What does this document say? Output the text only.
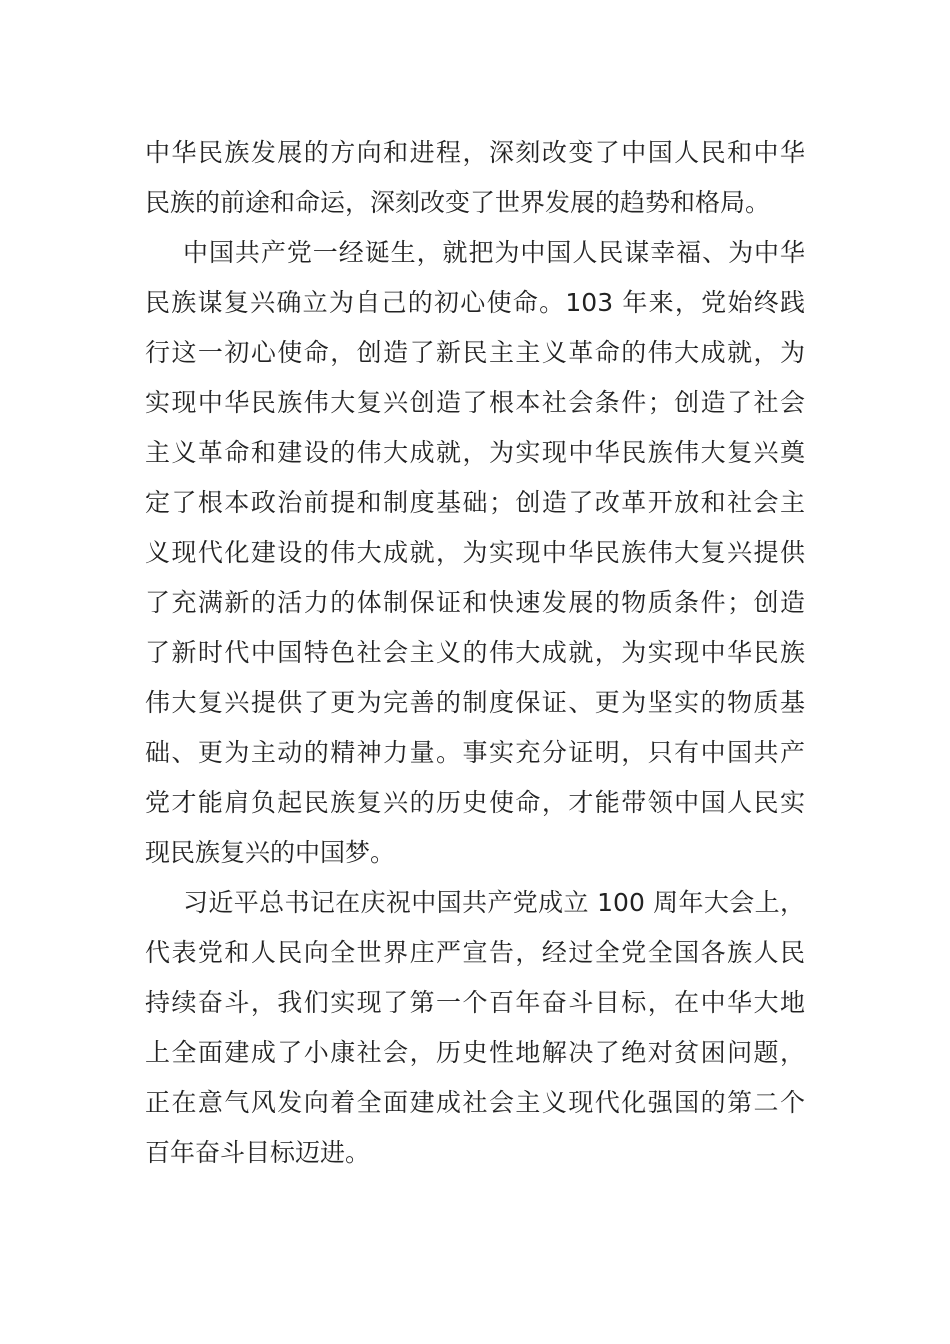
中华民族发展的方向和进程，深刻改变了中国人民和中华
民族的前途和命运，深刻改变了世界发展的趋势和格局。
中国共产党一经诞生，就把为中国人民谋幸福、为中华
民族谋复兴确立为自己的初心使命。103 年来，党始终践
行这一初心使命，创造了新民主主义革命的伟大成就，为
实现中华民族伟大复兴创造了根本社会条件；创造了社会
主义革命和建设的伟大成就，为实现中华民族伟大复兴奠
定了根本政治前提和制度基础；创造了改革开放和社会主
义现代化建设的伟大成就，为实现中华民族伟大复兴提供
了充满新的活力的体制保证和快速发展的物质条件；创造
了新时代中国特色社会主义的伟大成就，为实现中华民族
伟大复兴提供了更为完善的制度保证、更为坚实的物质基
础、更为主动的精神力量。事实充分证明，只有中国共产
党才能肩负起民族复兴的历史使命，才能带领中国人民实
现民族复兴的中国梦。
习近平总书记在庆祝中国共产党成立 100 周年大会上，
代表党和人民向全世界庄严宣告，经过全党全国各族人民
持续奋斗，我们实现了第一个百年奋斗目标，在中华大地
上全面建成了小康社会，历史性地解决了绝对贫困问题，
正在意气风发向着全面建成社会主义现代化强国的第二个
百年奋斗目标迈进。
